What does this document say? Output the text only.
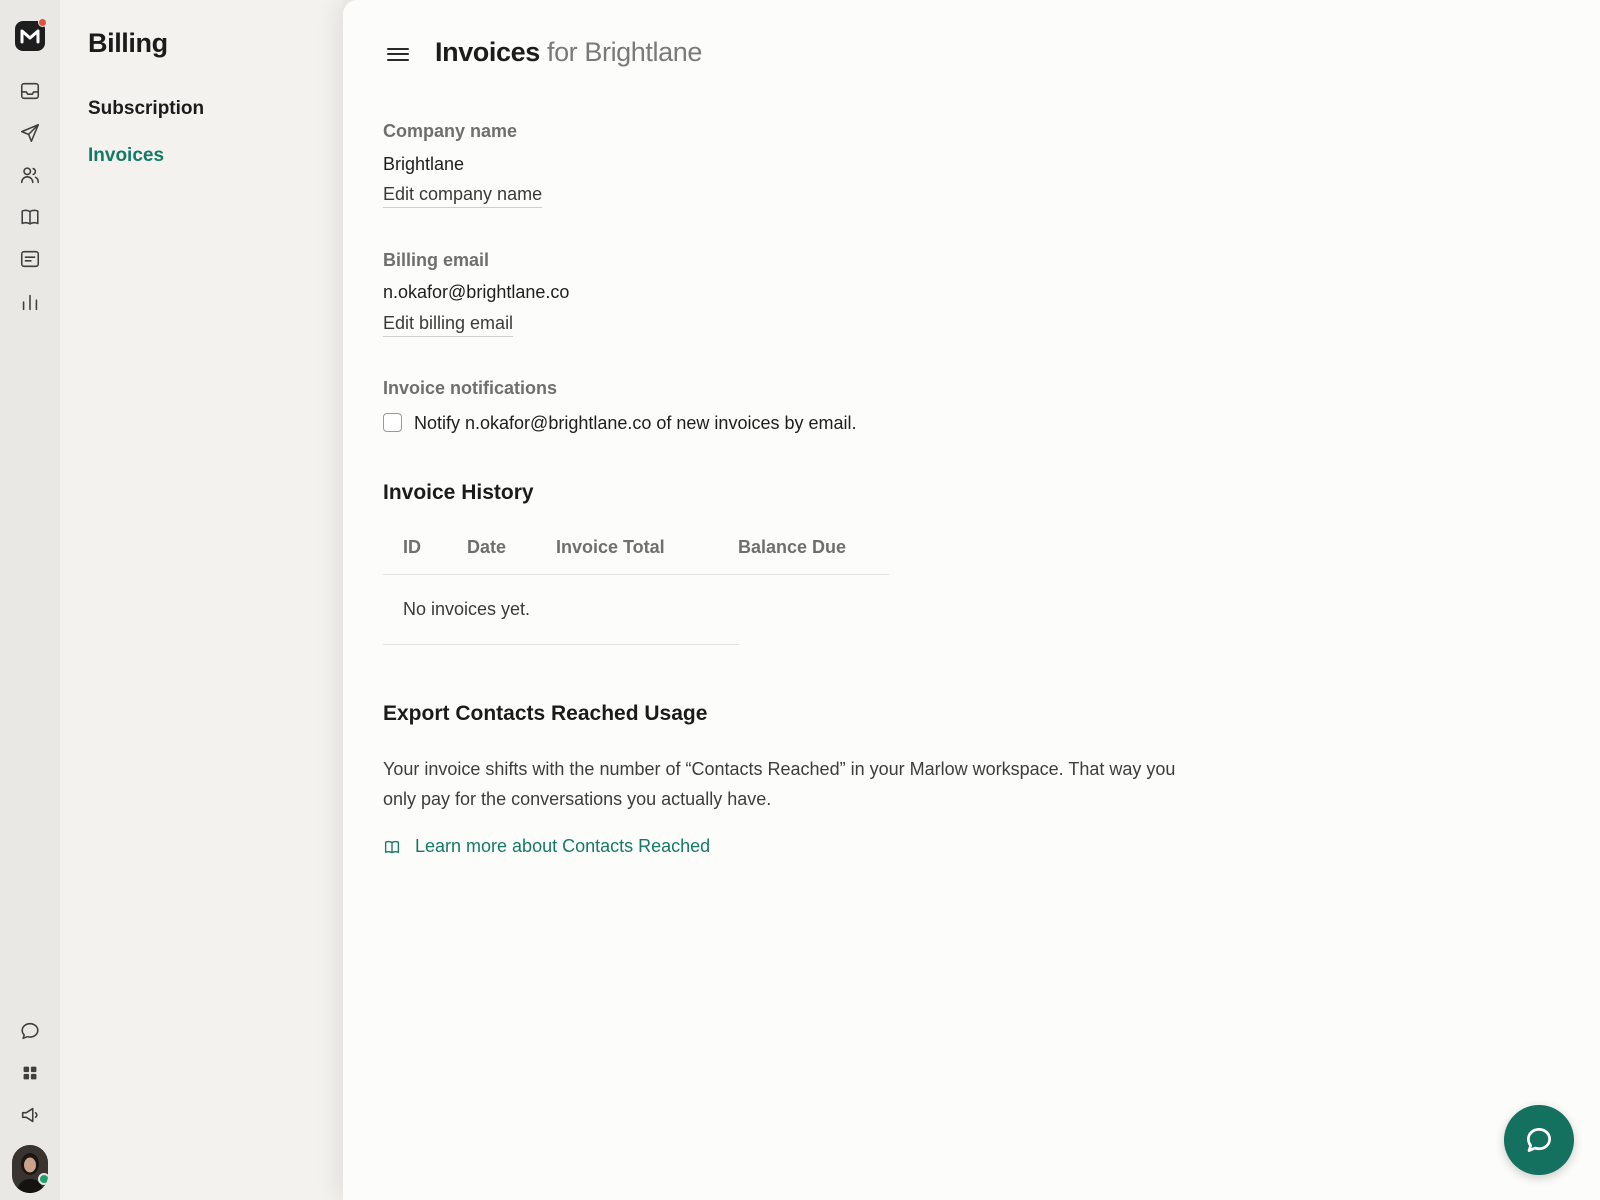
Billing
Subscription
Invoices
Invoices for Brightlane
Company name
Brightlane
Edit company name
Billing email
n.okafor@brightlane.co
Edit billing email
Invoice notifications
Notify n.okafor@brightlane.co of new invoices by email.
Invoice History
ID	Date	Invoice Total	Balance Due
No invoices yet.
Export Contacts Reached Usage

Your invoice shifts with the number of “Contacts Reached” in your Marlow workspace. That way you only pay for the conversations you actually have.

Learn more about Contacts Reached
